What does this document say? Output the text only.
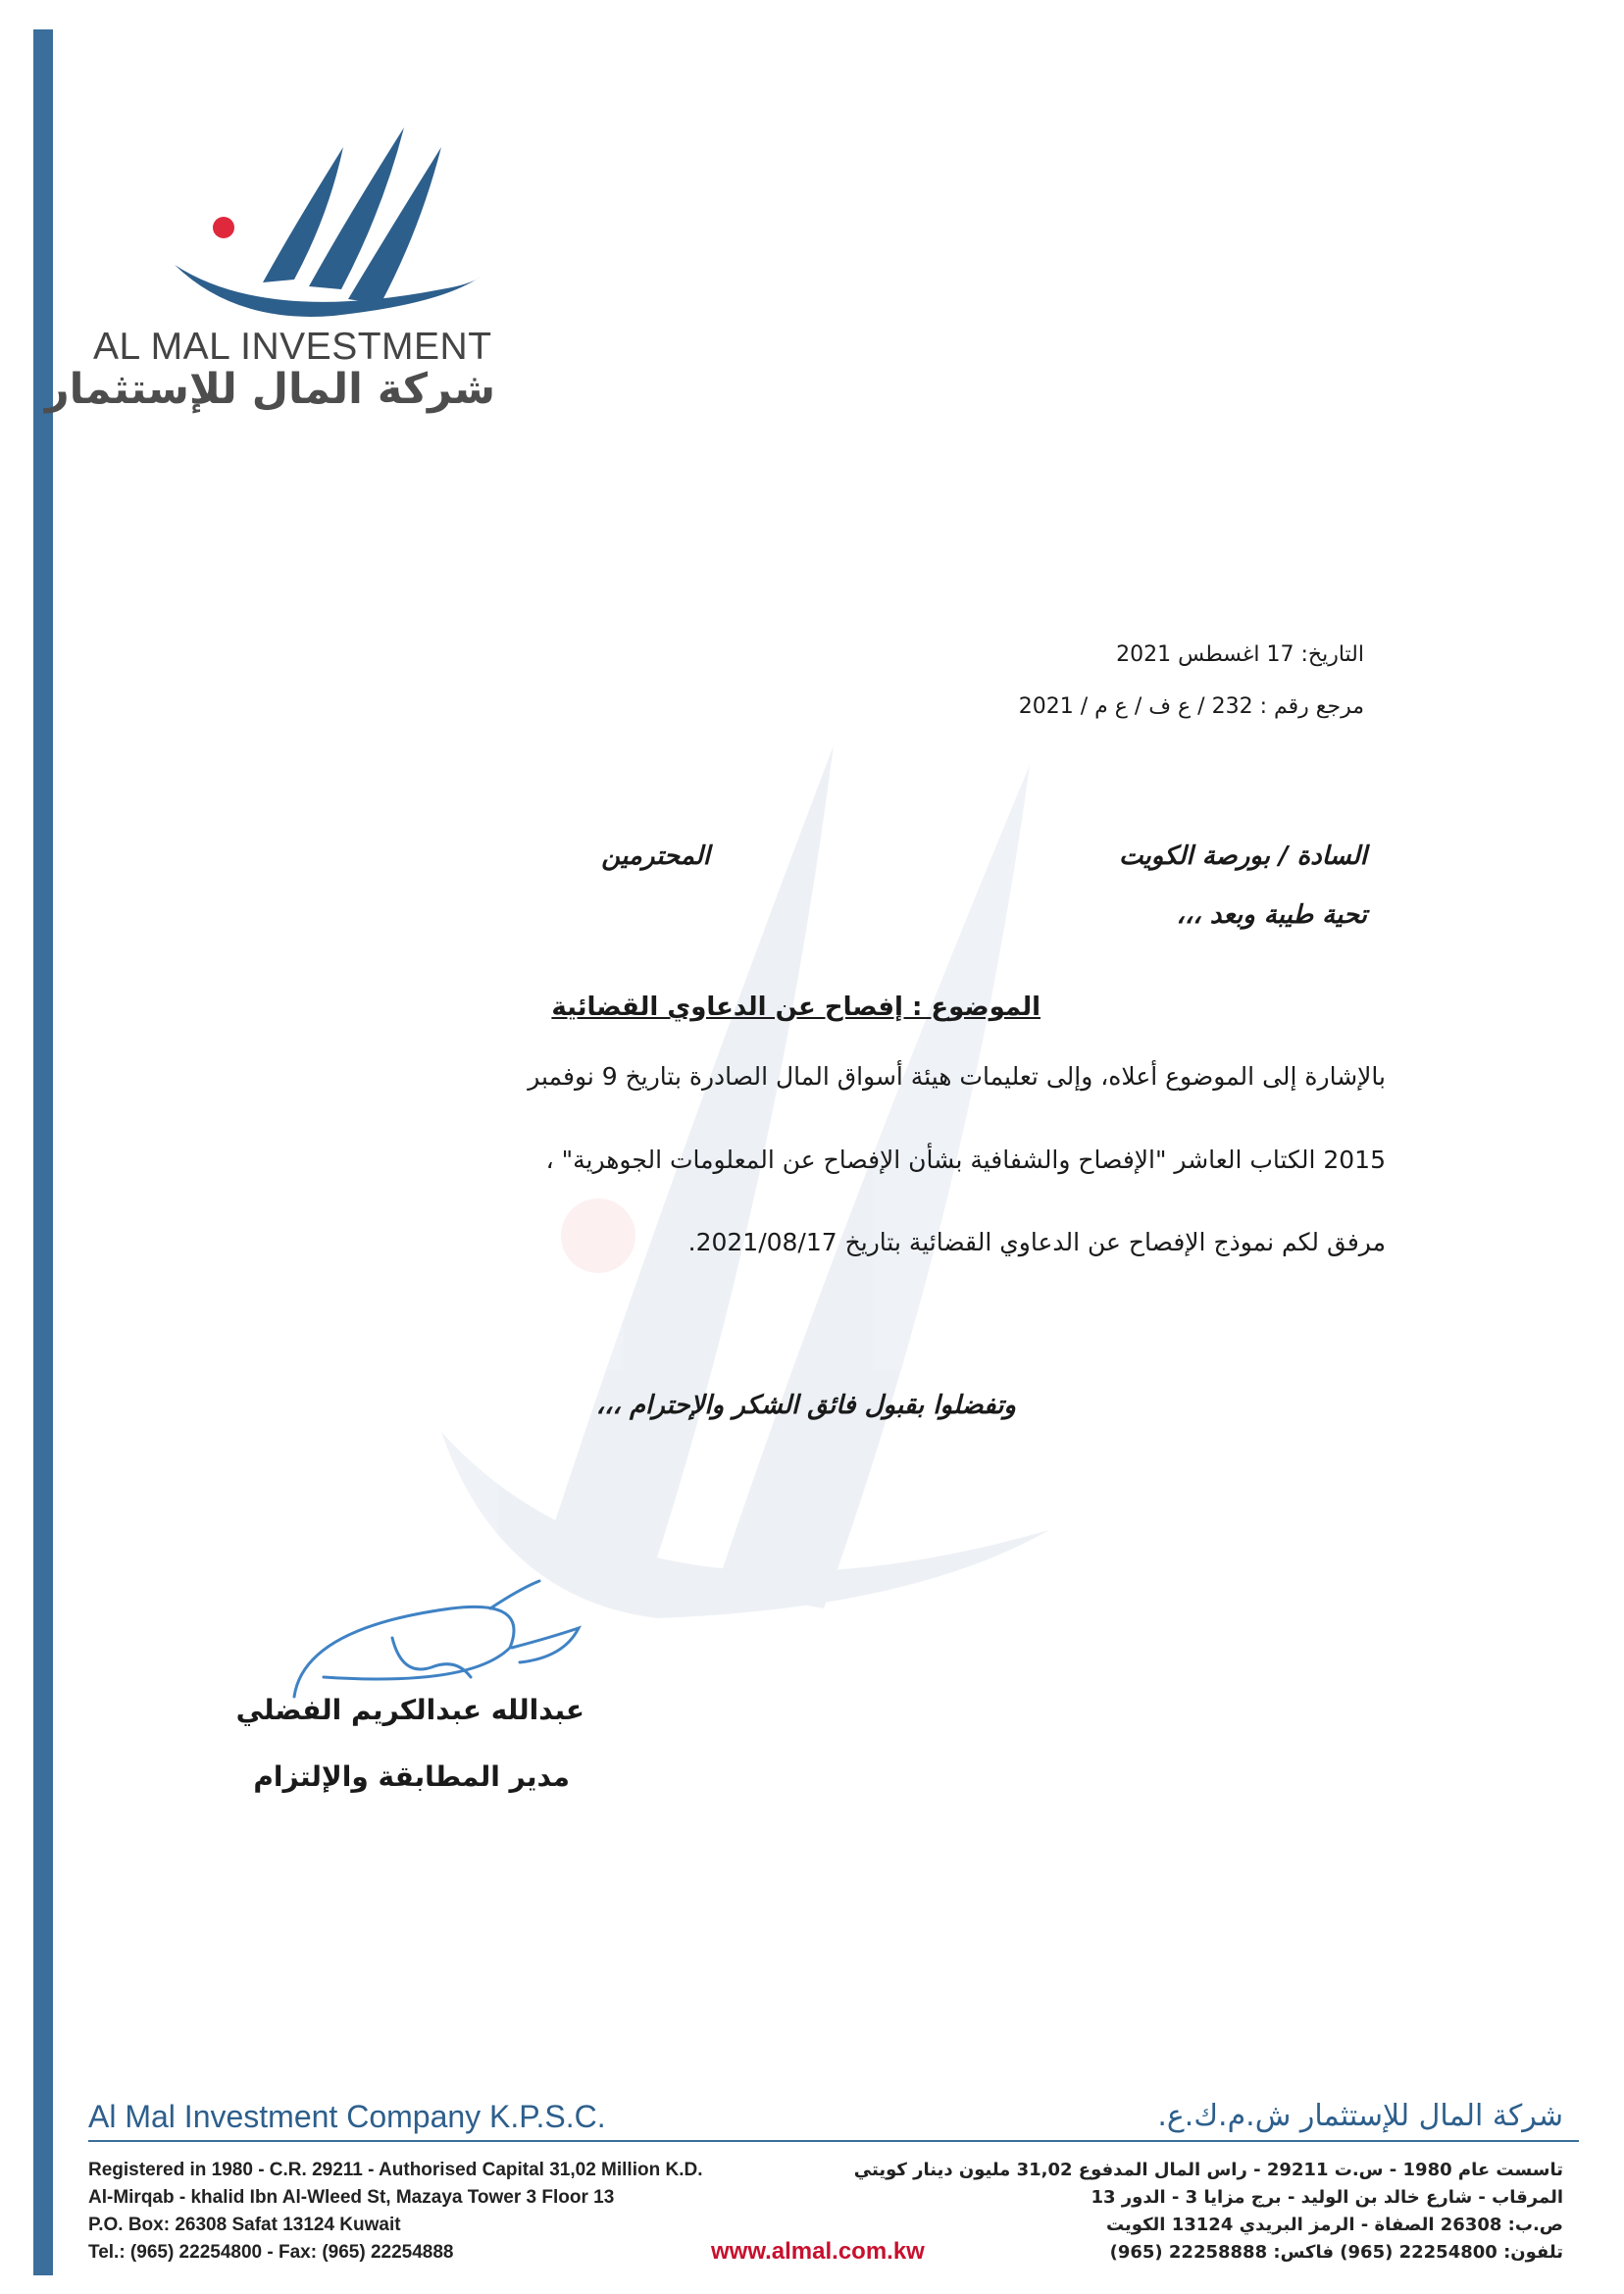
AL MAL INVESTMENT
شركة المال للإستثمار
التاريخ: 17 اغسطس 2021
مرجع رقم : 232 / ع ف / ع م / 2021
السادة / بورصة الكويت
المحترمين
تحية طيبة وبعد ،،،
الموضوع : إفصاح عن الدعاوي القضائية
بالإشارة إلى الموضوع أعلاه، وإلى تعليمات هيئة أسواق المال الصادرة بتاريخ 9 نوفمبر
2015 الكتاب العاشر "الإفصاح والشفافية بشأن الإفصاح عن المعلومات الجوهرية" ،
مرفق لكم نموذج الإفصاح عن الدعاوي القضائية بتاريخ 2021/08/17.
وتفضلوا بقبول فائق الشكر والإحترام ،،،
عبدالله عبدالكريم الفضلي
مدير المطابقة والإلتزام
Al Mal Investment Company K.P.S.C.	شركة المال للإستثمار ش.م.ك.ع.
Registered in 1980 - C.R. 29211 - Authorised Capital 31,02 Million K.D.
Al-Mirqab - khalid Ibn Al-Wleed St, Mazaya Tower 3 Floor 13
P.O. Box: 26308 Safat 13124 Kuwait
Tel.: (965) 22254800 - Fax: (965) 22254888
تاسست عام 1980 - س.ت 29211 - راس المال المدفوع 31,02 مليون دينار كويتي
المرقاب - شارع خالد بن الوليد - برج مزايا 3 - الدور 13
ص.ب: 26308 الصفاة - الرمز البريدي 13124 الكويت
تلفون: 22254800 (965) فاكس: 22258888 (965)
www.almal.com.kw
